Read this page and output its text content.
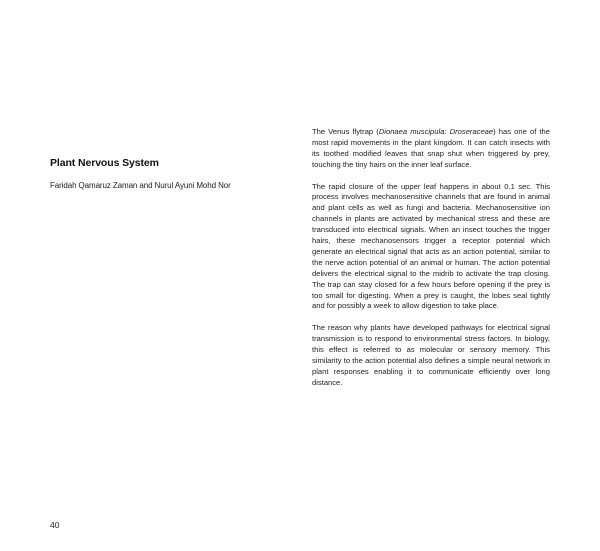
Plant Nervous System

Faridah Qamaruz Zaman and Nurul Ayuni Mohd Nor

The Venus flytrap (Dionaea muscipula: Droseraceae) has one of the most rapid movements in the plant kingdom. It can catch insects with its toothed modified leaves that snap shut when triggered by prey, touching the tiny hairs on the inner leaf surface.

The rapid closure of the upper leaf happens in about 0.1 sec. This process involves mechanosensitive channels that are found in animal and plant cells as well as fungi and bacteria. Mechanosensitive ion channels in plants are activated by mechanical stress and these are transduced into electrical signals. When an insect touches the trigger hairs, these mechanosensors trigger a receptor potential which generate an electrical signal that acts as an action potential, similar to the nerve action potential of an animal or human. The action potential delivers the electrical signal to the midrib to activate the trap closing. The trap can stay closed for a few hours before opening if the prey is too small for digesting. When a prey is caught, the lobes seal tightly and for possibly a week to allow digestion to take place.

The reason why plants have developed pathways for electrical signal transmission is to respond to environmental stress factors. In biology, this effect is referred to as molecular or sensory memory. This similarity to the action potential also defines a simple neural network in plant responses enabling it to communicate efficiently over long distance.

40
